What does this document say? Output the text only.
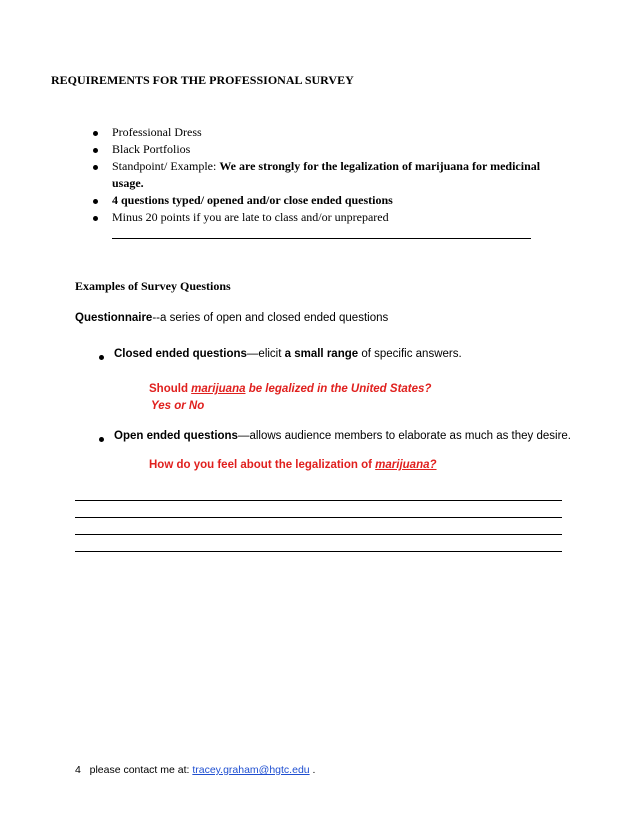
REQUIREMENTS FOR THE PROFESSIONAL SURVEY
Professional Dress
Black Portfolios
Standpoint/ Example: We are strongly for the legalization of marijuana for medicinal
usage.
4 questions typed/ opened and/or close ended questions
Minus 20 points if you are late to class and/or unprepared
Examples of Survey Questions
Questionnaire--a series of open and closed ended questions
Closed ended questions—elicit a small range of specific answers.
Should marijuana be legalized in the United States?
Yes or No
Open ended questions—allows audience members to elaborate as much as they desire.
How do you feel about the legalization of marijuana?
4 please contact me at: tracey.graham@hgtc.edu .
